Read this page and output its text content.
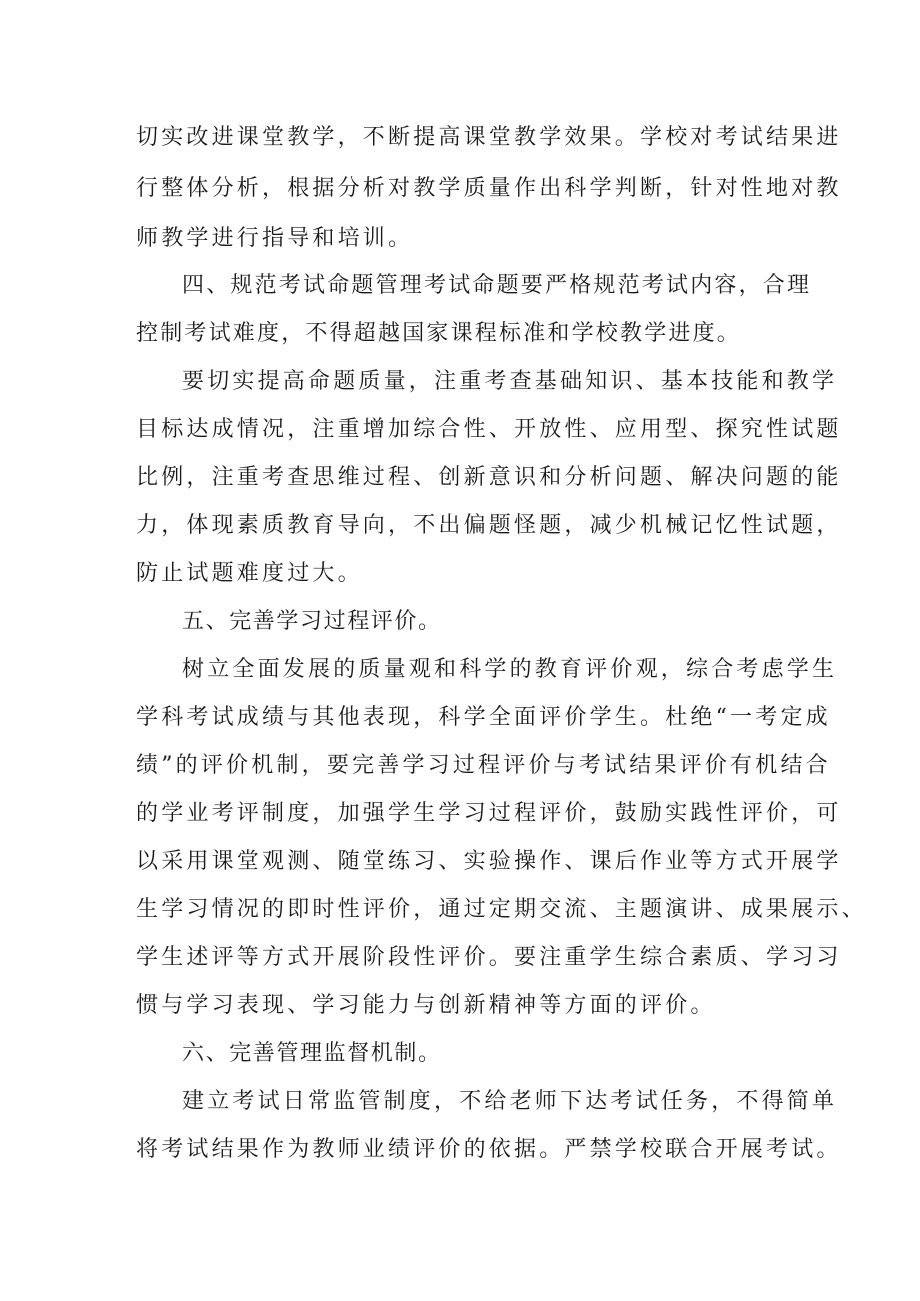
切实改进课堂教学，不断提高课堂教学效果。学校对考试结果进
行整体分析，根据分析对教学质量作出科学判断，针对性地对教
师教学进行指导和培训。
四、规范考试命题管理考试命题要严格规范考试内容，合理
控制考试难度，不得超越国家课程标准和学校教学进度。
要切实提高命题质量，注重考查基础知识、基本技能和教学
目标达成情况，注重增加综合性、开放性、应用型、探究性试题
比例，注重考查思维过程、创新意识和分析问题、解决问题的能
力，体现素质教育导向，不出偏题怪题，减少机械记忆性试题，
防止试题难度过大。
五、完善学习过程评价。
树立全面发展的质量观和科学的教育评价观，综合考虑学生
学科考试成绩与其他表现，科学全面评价学生。杜绝“一考定成
绩”的评价机制，要完善学习过程评价与考试结果评价有机结合
的学业考评制度，加强学生学习过程评价，鼓励实践性评价，可
以采用课堂观测、随堂练习、实验操作、课后作业等方式开展学
生学习情况的即时性评价，通过定期交流、主题演讲、成果展示、
学生述评等方式开展阶段性评价。要注重学生综合素质、学习习
惯与学习表现、学习能力与创新精神等方面的评价。
六、完善管理监督机制。
建立考试日常监管制度，不给老师下达考试任务，不得简单
将考试结果作为教师业绩评价的依据。严禁学校联合开展考试。
